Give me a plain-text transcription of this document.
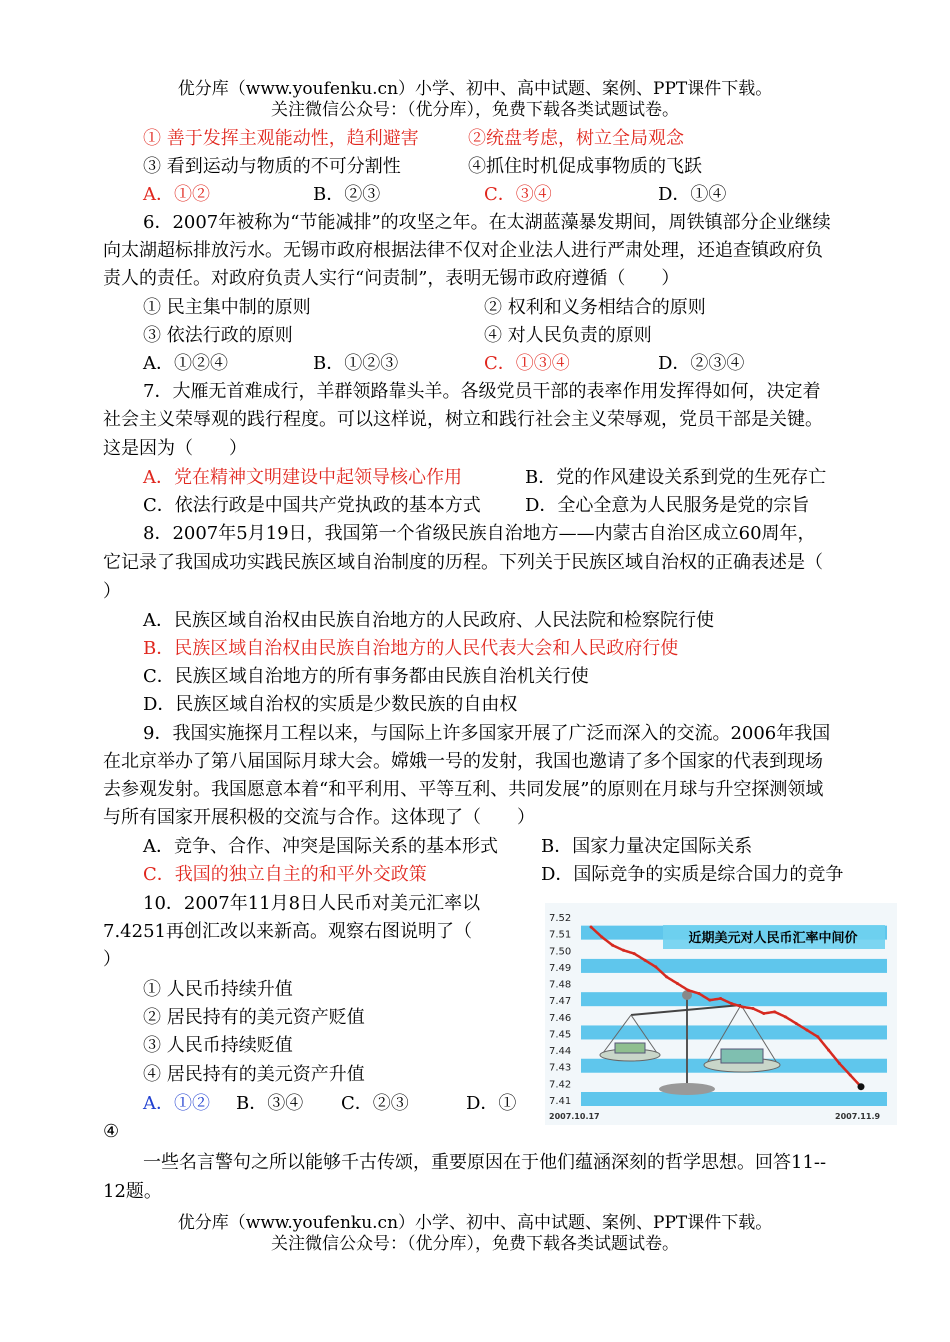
优分库（www.youfenku.cn）小学、初中、高中试题、案例、PPT课件下载。
关注微信公众号：（优分库），免费下载各类试题试卷。
① 善于发挥主观能动性，趋利避害	②统盘考虑，树立全局观念
③ 看到运动与物质的不可分割性	④抓住时机促成事物质的飞跃
A．①②	B．②③	C．③④	D．①④
6．2007年被称为“节能减排”的攻坚之年。在太湖蓝藻暴发期间，周铁镇部分企业继续
向太湖超标排放污水。无锡市政府根据法律不仅对企业法人进行严肃处理，还追查镇政府负
责人的责任。对政府负责人实行“问责制”，表明无锡市政府遵循（　　）
① 民主集中制的原则	② 权利和义务相结合的原则
③ 依法行政的原则	④ 对人民负责的原则
A．①②④	B．①②③	C．①③④	D．②③④
7．大雁无首难成行，羊群领路靠头羊。各级党员干部的表率作用发挥得如何，决定着
社会主义荣辱观的践行程度。可以这样说，树立和践行社会主义荣辱观，党员干部是关键。
这是因为（　　）
A．党在精神文明建设中起领导核心作用	B．党的作风建设关系到党的生死存亡
C．依法行政是中国共产党执政的基本方式 D．全心全意为人民服务是党的宗旨
8．2007年5月19日，我国第一个省级民族自治地方——内蒙古自治区成立60周年，
它记录了我国成功实践民族区域自治制度的历程。下列关于民族区域自治权的正确表述是（
）
A．民族区域自治权由民族自治地方的人民政府、人民法院和检察院行使
B．民族区域自治权由民族自治地方的人民代表大会和人民政府行使
C．民族区域自治地方的所有事务都由民族自治机关行使
D．民族区域自治权的实质是少数民族的自由权
9．我国实施探月工程以来，与国际上许多国家开展了广泛而深入的交流。2006年我国
在北京举办了第八届国际月球大会。嫦娥一号的发射，我国也邀请了多个国家的代表到现场
去参观发射。我国愿意本着“和平利用、平等互利、共同发展”的原则在月球与升空探测领域
与所有国家开展积极的交流与合作。这体现了（　　）
A．竞争、合作、冲突是国际关系的基本形式 B．国家力量决定国际关系
C．我国的独立自主的和平外交政策	D．国际竞争的实质是综合国力的竞争
10．2007年11月8日人民币对美元汇率以
7.4251再创汇改以来新高。观察右图说明了（
）
① 人民币持续升值
② 居民持有的美元资产贬值
③ 人民币持续贬值
④ 居民持有的美元资产升值
A．①② B．③④ C．②③	D．①
④
7.52
7.51
7.50
7.49
7.48
7.47
7.46
7.45
7.44
7.43
7.42
7.41
近期美元对人民币汇率中间价
2007.10.17	2007.11.9
一些名言警句之所以能够千古传颂，重要原因在于他们蕴涵深刻的哲学思想。回答11--
12题。
优分库（www.youfenku.cn）小学、初中、高中试题、案例、PPT课件下载。
关注微信公众号：（优分库），免费下载各类试题试卷。
